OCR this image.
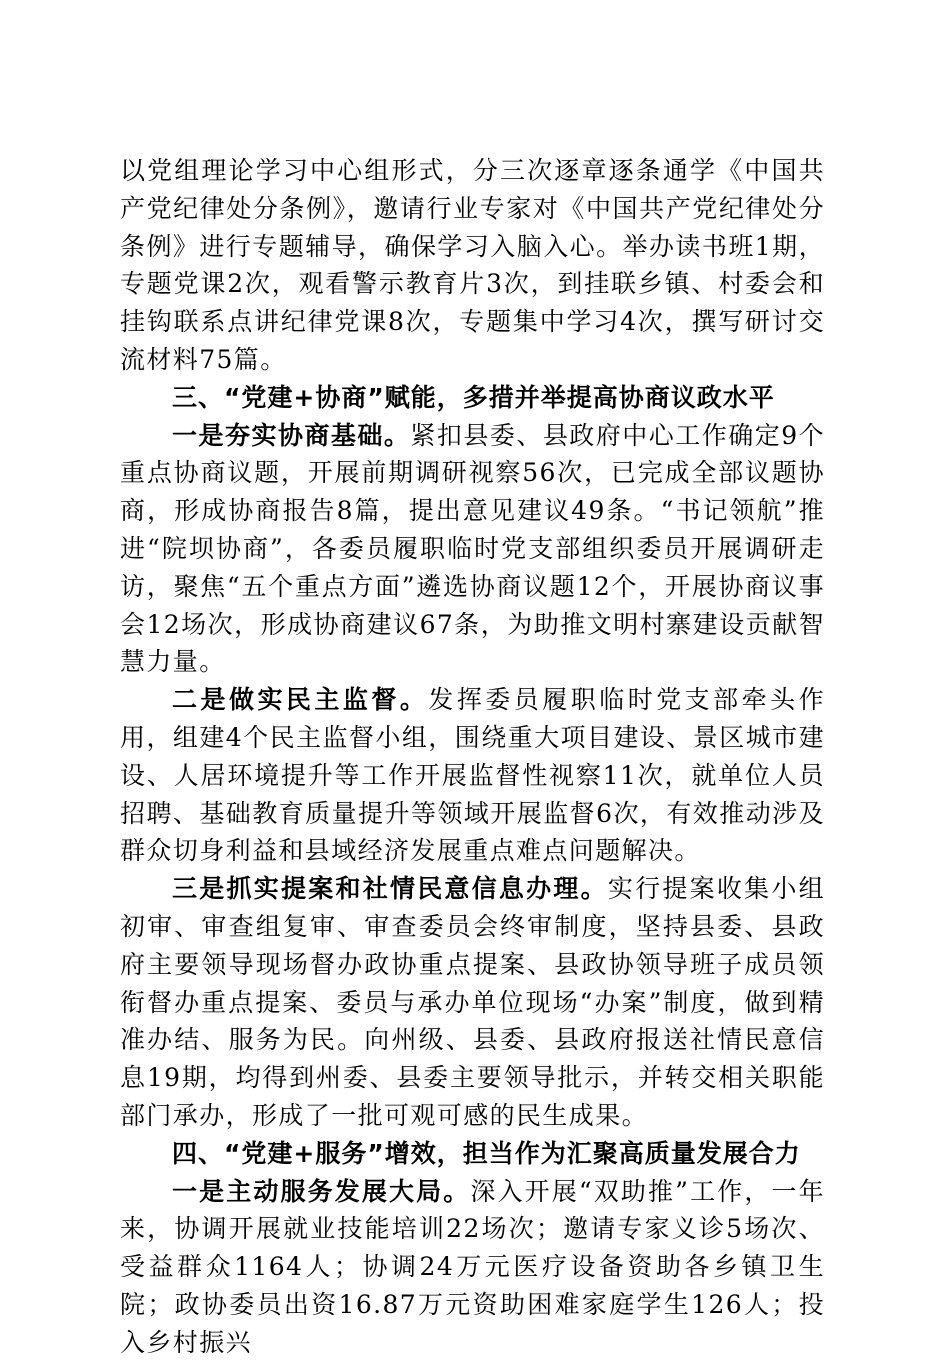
以党组理论学习中心组形式，分三次逐章逐条通学《中国共产党纪律处分条例》，邀请行业专家对《中国共产党纪律处分条例》进行专题辅导，确保学习入脑入心。举办读书班1期，专题党课2次，观看警示教育片3次，到挂联乡镇、村委会和挂钩联系点讲纪律党课8次，专题集中学习4次，撰写研讨交流材料75篇。

三、“党建+协商”赋能，多措并举提高协商议政水平

一是夯实协商基础。紧扣县委、县政府中心工作确定9个重点协商议题，开展前期调研视察56次，已完成全部议题协商，形成协商报告8篇，提出意见建议49条。“书记领航”推进“院坝协商”，各委员履职临时党支部组织委员开展调研走访，聚焦“五个重点方面”遴选协商议题12个，开展协商议事会12场次，形成协商建议67条，为助推文明村寨建设贡献智慧力量。

二是做实民主监督。发挥委员履职临时党支部牵头作用，组建4个民主监督小组，围绕重大项目建设、景区城市建设、人居环境提升等工作开展监督性视察11次，就单位人员招聘、基础教育质量提升等领域开展监督6次，有效推动涉及群众切身利益和县域经济发展重点难点问题解决。

三是抓实提案和社情民意信息办理。实行提案收集小组初审、审查组复审、审查委员会终审制度，坚持县委、县政府主要领导现场督办政协重点提案、县政协领导班子成员领衔督办重点提案、委员与承办单位现场“办案”制度，做到精准办结、服务为民。向州级、县委、县政府报送社情民意信息19期，均得到州委、县委主要领导批示，并转交相关职能部门承办，形成了一批可观可感的民生成果。

四、“党建+服务”增效，担当作为汇聚高质量发展合力

一是主动服务发展大局。深入开展“双助推”工作，一年来，协调开展就业技能培训22场次；邀请专家义诊5场次、受益群众1164人；协调24万元医疗设备资助各乡镇卫生院；政协委员出资16.87万元资助困难家庭学生126人；投入乡村振兴
